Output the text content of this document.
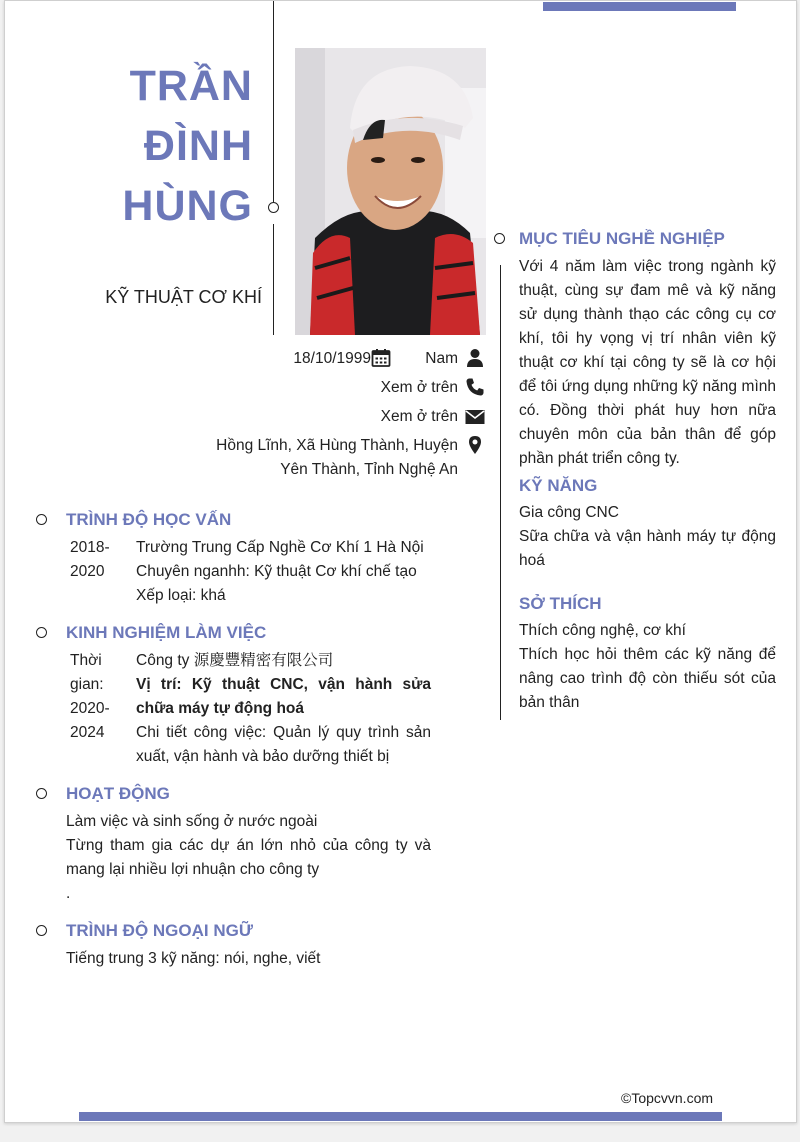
TRẦN
ĐÌNH
HÙNG
KỸ THUẬT CƠ KHÍ
18/10/1999	Nam
Xem ở trên
Xem ở trên
Hồng Lĩnh, Xã Hùng Thành, Huyện
Yên Thành, Tỉnh Nghệ An
TRÌNH ĐỘ HỌC VẤN
2018-
2020
Trường Trung Cấp Nghề Cơ Khí 1 Hà Nội
Chuyên nganhh: Kỹ thuật Cơ khí chế tạo
Xếp loại: khá
KINH NGHIỆM LÀM VIỆC
Thời
gian:
2020-
2024
Công ty 源慶豐精密有限公司
Vị trí: Kỹ thuật CNC, vận hành sửa chữa máy tự động hoá
Chi tiết công việc: Quản lý quy trình sản xuất, vận hành và bảo dưỡng thiết bị
HOẠT ĐỘNG
Làm việc và sinh sống ở nước ngoài
Từng tham gia các dự án lớn nhỏ của công ty và mang lại nhiều lợi nhuận cho công ty
.
TRÌNH ĐỘ NGOẠI NGỮ
Tiếng trung 3 kỹ năng: nói, nghe, viết
MỤC TIÊU NGHỀ NGHIỆP
Với 4 năm làm việc trong ngành kỹ thuật, cùng sự đam mê và kỹ năng sử dụng thành thạo các công cụ cơ khí, tôi hy vọng vị trí nhân viên kỹ thuật cơ khí tại công ty sẽ là cơ hội để tôi ứng dụng những kỹ năng mình có. Đồng thời phát huy hơn nữa chuyên môn của bản thân để góp phần phát triển công ty.
KỸ NĂNG
Gia công CNC
Sữa chữa và vận hành máy tự động hoá
SỞ THÍCH
Thích công nghệ, cơ khí
Thích học hỏi thêm các kỹ năng để nâng cao trình độ còn thiếu sót của bản thân
©Topcvvn.com
